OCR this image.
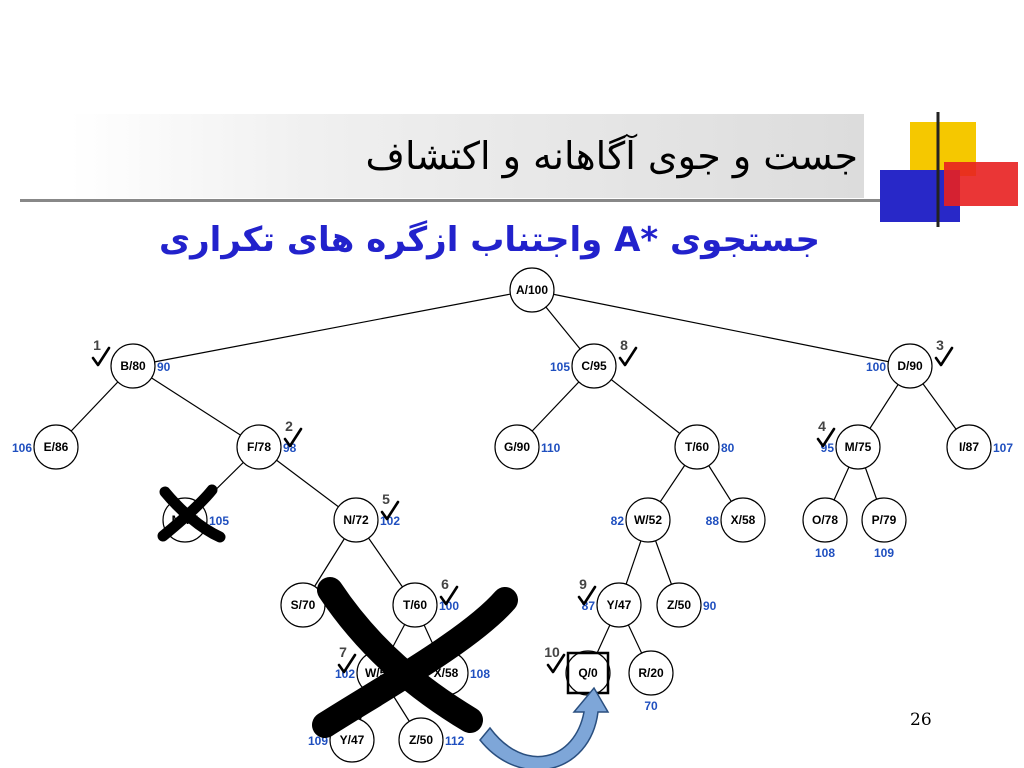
جست و جوی آگاهانه و اکتشاف
جستجوی *A واجتناب ازگره های تکراری
A/100
B/80 90
1
C/95
105
8
D/90
100
3
E/86
106	F/78 98
2
G/90 110	T/60 80	M/75
95
4
I/87 107
M/75 105	N/72 102
5
W/52
82	X/58
88	O/78
108
P/79
109
S/70 110	T/60 100
6
Y/47
87
9
Z/50 90
W/52
102
7
X/58 108	Q/0
10
R/20
70
Y/47
109	Z/50 112
26
